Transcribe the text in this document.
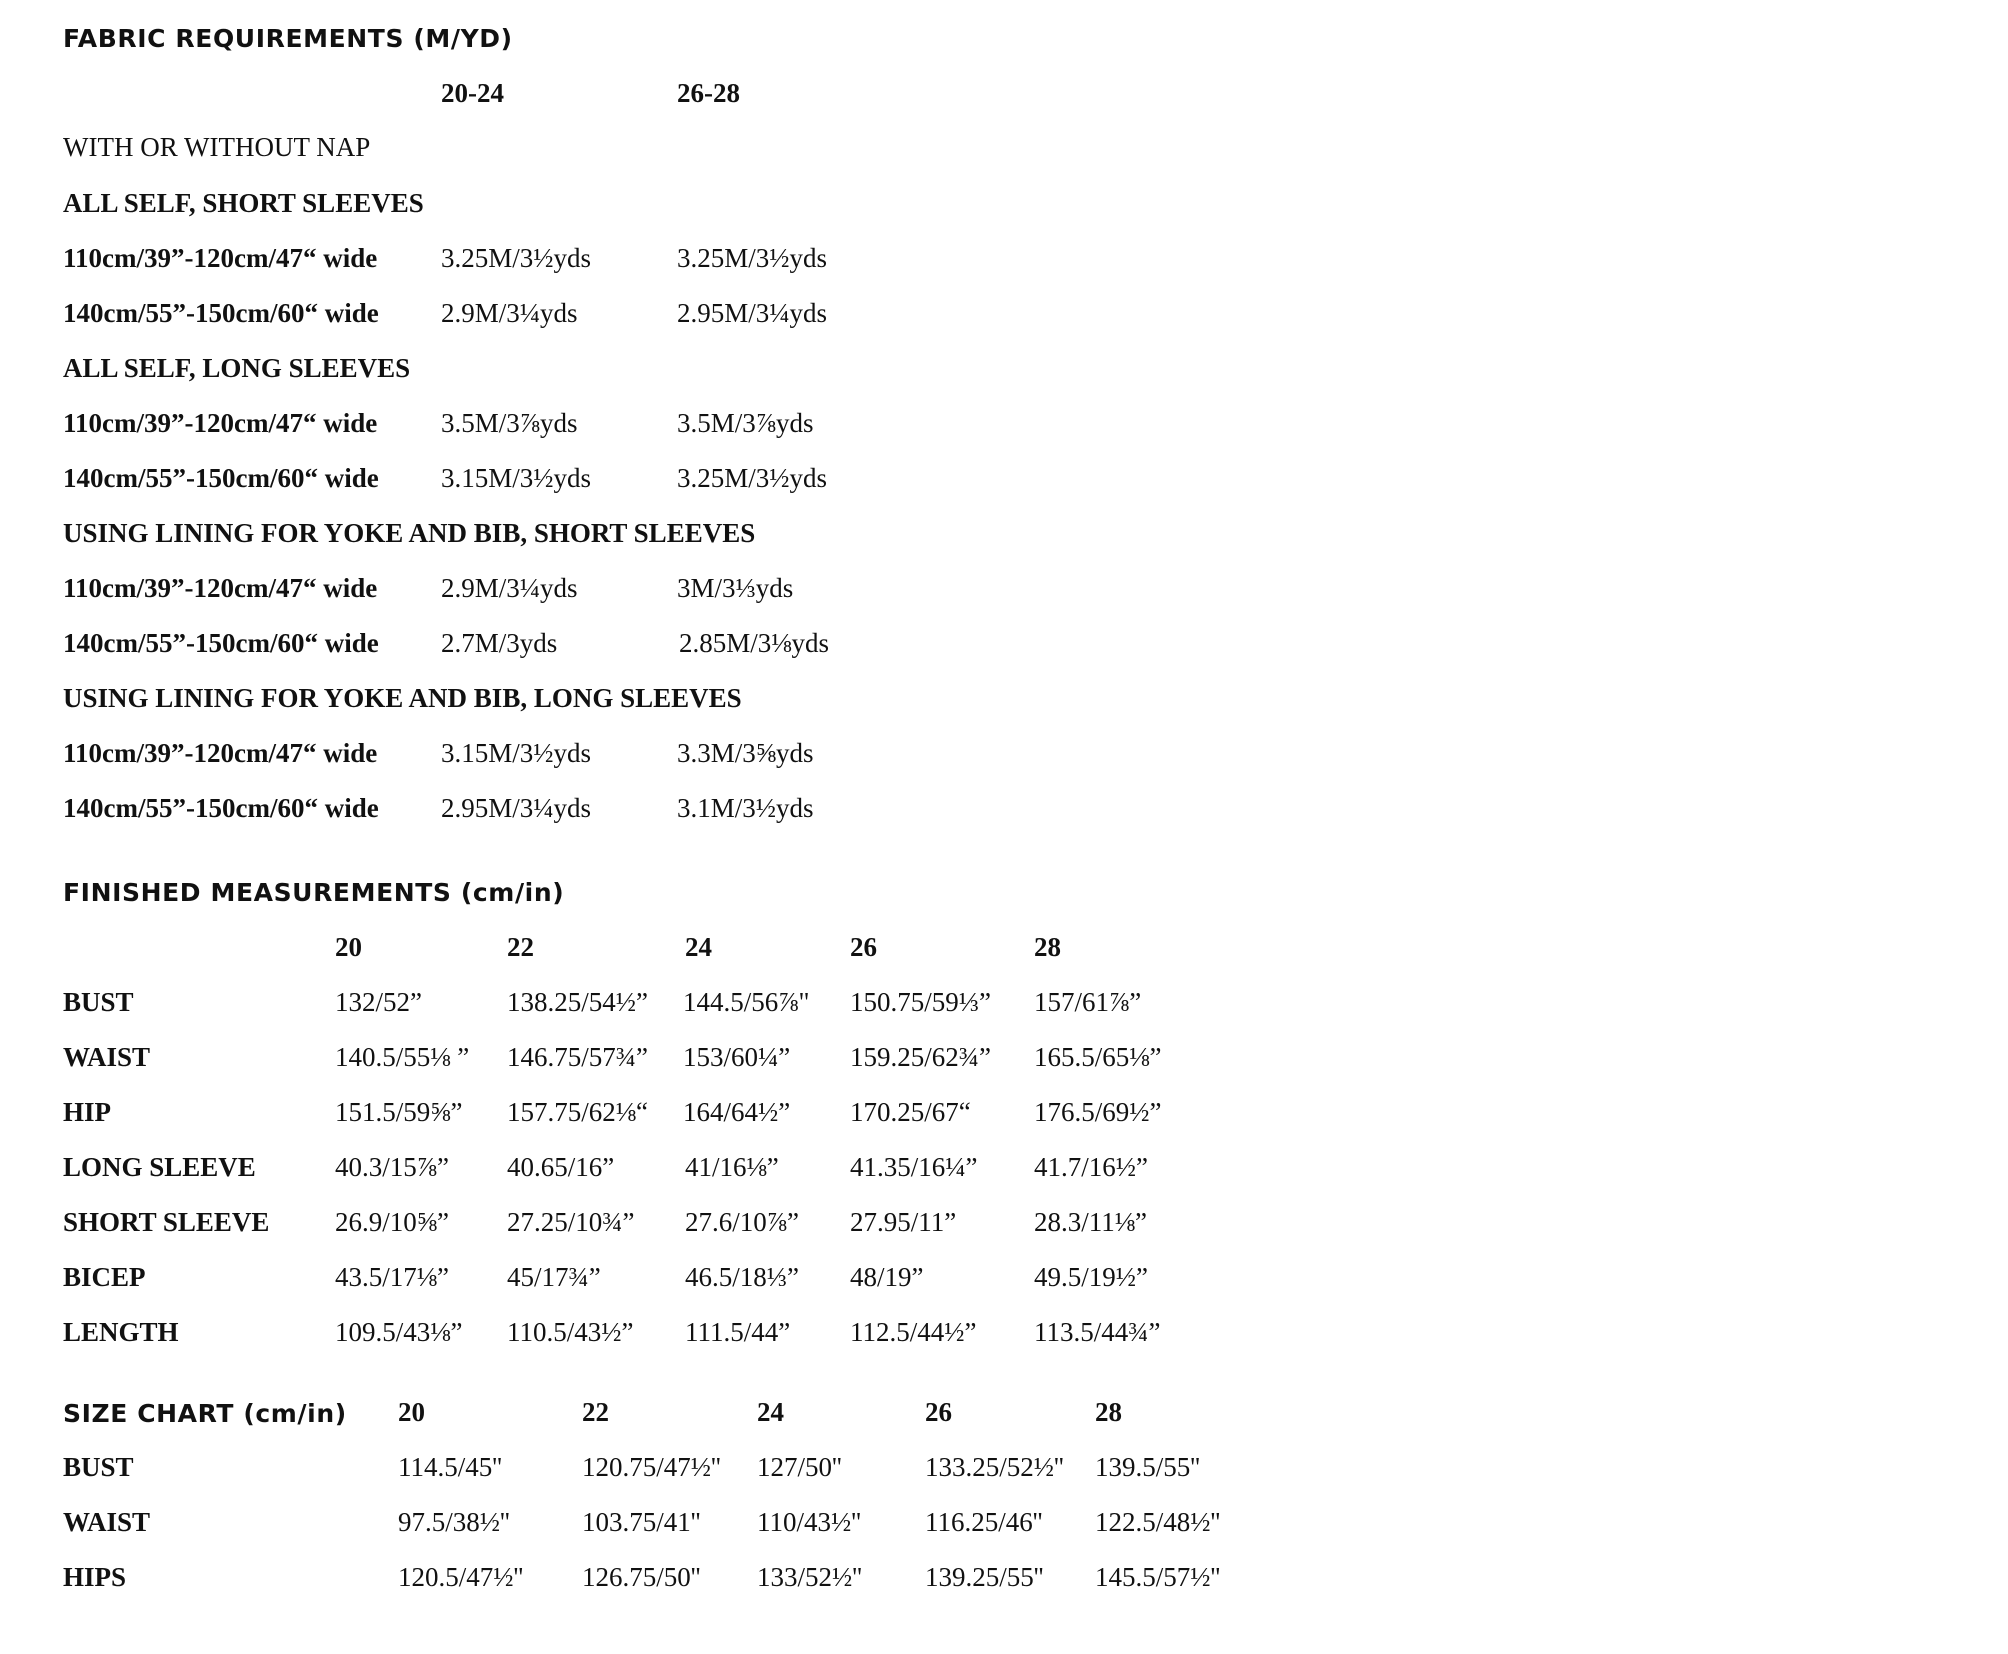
FABRIC REQUIREMENTS (M/YD)
20-24	26-28
WITH OR WITHOUT NAP
ALL SELF, SHORT SLEEVES
110cm/39”-120cm/47“ wide 3.25M/3½yds	3.25M/3½yds
140cm/55”-150cm/60“ wide 2.9M/3¼yds	2.95M/3¼yds
ALL SELF, LONG SLEEVES
110cm/39”-120cm/47“ wide 3.5M/3⅞yds	3.5M/3⅞yds
140cm/55”-150cm/60“ wide 3.15M/3½yds	3.25M/3½yds
USING LINING FOR YOKE AND BIB, SHORT SLEEVES
110cm/39”-120cm/47“ wide 2.9M/3¼yds	3M/3⅓yds
140cm/55”-150cm/60“ wide 2.7M/3yds	2.85M/3⅛yds
USING LINING FOR YOKE AND BIB, LONG SLEEVES
110cm/39”-120cm/47“ wide 3.15M/3½yds	3.3M/3⅝yds
140cm/55”-150cm/60“ wide 2.95M/3¼yds	3.1M/3½yds
FINISHED MEASUREMENTS (cm/in)
20	22	24	26	28
BUST	132/52”	138.25/54½” 144.5/56⅞" 150.75/59⅓” 157/61⅞”
WAIST	140.5/55⅛ ” 146.75/57¾” 153/60¼” 159.25/62¾” 165.5/65⅛”
HIP	151.5/59⅝” 157.75/62⅛“ 164/64½” 170.25/67“ 176.5/69½”
LONG SLEEVE	40.3/15⅞” 40.65/16”	41/16⅛”	41.35/16¼” 41.7/16½”
SHORT SLEEVE 26.9/10⅝” 27.25/10¾” 27.6/10⅞” 27.95/11”	28.3/11⅛”
BICEP	43.5/17⅛” 45/17¾”	46.5/18⅓” 48/19”	49.5/19½”
LENGTH	109.5/43⅛” 110.5/43½” 111.5/44” 112.5/44½” 113.5/44¾”
SIZE CHART (cm/in) 20	22	24	26	28
BUST	114.5/45''	120.75/47½'' 127/50''	133.25/52½'' 139.5/55''
WAIST	97.5/38½''	103.75/41'' 110/43½'' 116.25/46'' 122.5/48½''
HIPS	120.5/47½'' 126.75/50'' 133/52½'' 139.25/55'' 145.5/57½''
